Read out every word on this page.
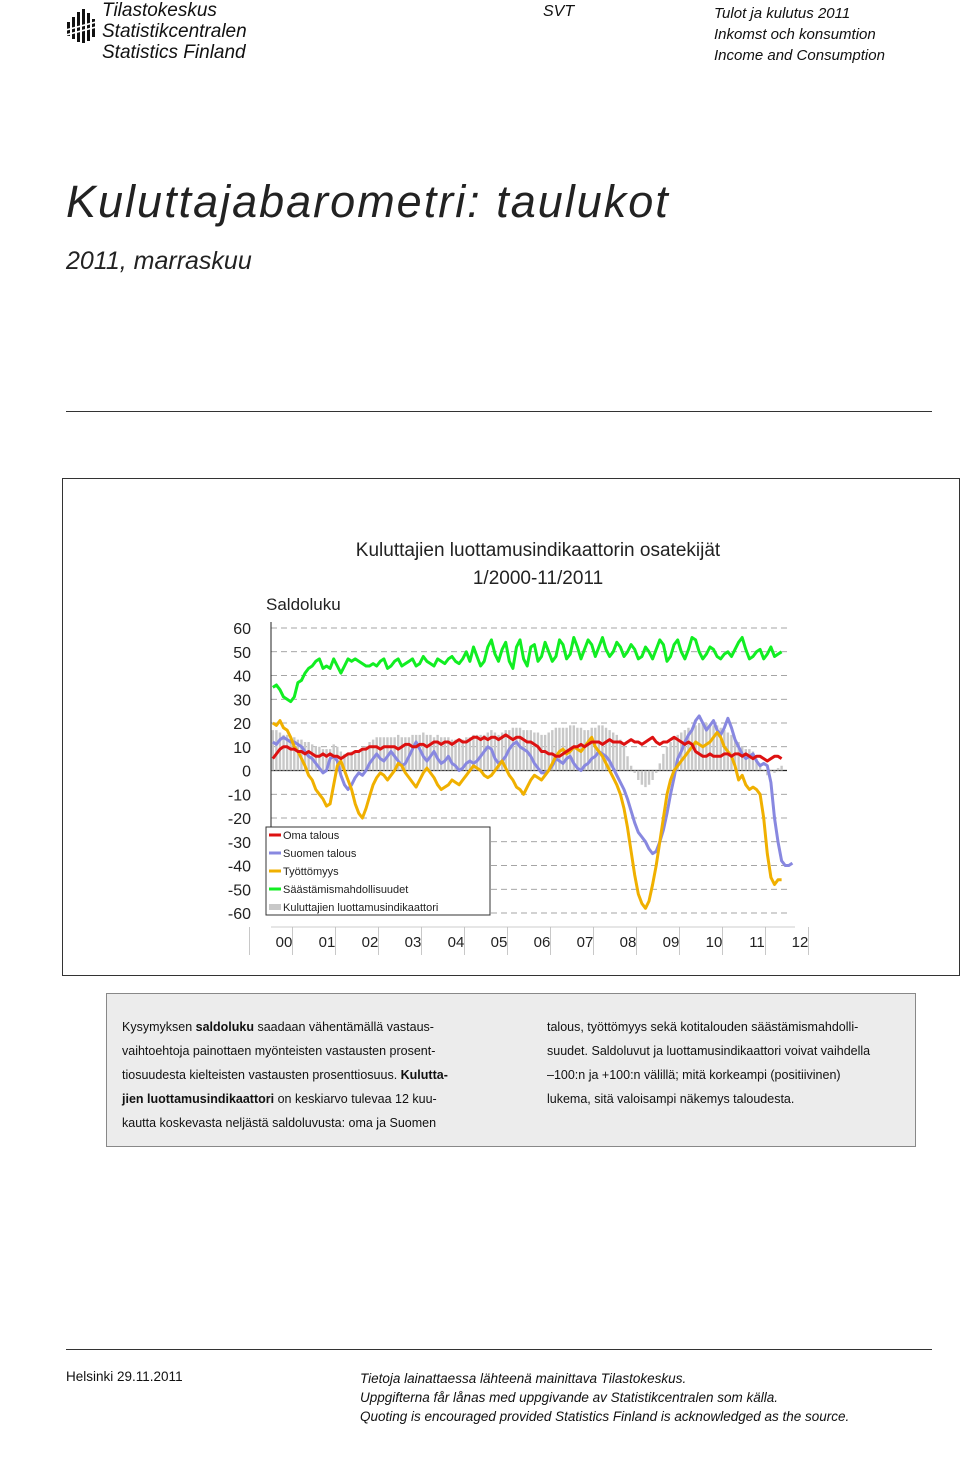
Tilastokeskus
Statistikcentralen
Statistics Finland
SVT	Tulot ja kulutus 2011
Inkomst och konsumtion
Income and Consumption
Kuluttajabarometri: taulukot
2011, marraskuu
Kuluttajien luottamusindikaattorin osatekijät
1/2000-11/2011
Saldoluku
60
50
40
30
20
10
0
-10
-20
-30
-40
-50
-60
00 01 02 03 04 05 06 07 08 09 10 11 12
Oma talous
Suomen talous
Työttömyys
Säästämismahdollisuudet
Kuluttajien luottamusindikaattori
Kysymyksen saldoluku saadaan vähentämällä vastaus-
vaihtoehtoja painottaen myönteisten vastausten prosent-
tiosuudesta kielteisten vastausten prosenttiosuus. Kulutta-
jien luottamusindikaattori on keskiarvo tulevaa 12 kuu-
kautta koskevasta neljästä saldoluvusta: oma ja Suomen
talous, työttömyys sekä kotitalouden säästämismahdolli-
suudet. Saldoluvut ja luottamusindikaattori voivat vaihdella
–100:n ja +100:n välillä; mitä korkeampi (positiivinen)
lukema, sitä valoisampi näkemys taloudesta.
Helsinki 29.11.2011	Tietoja lainattaessa lähteenä mainittava Tilastokeskus.
Uppgifterna får lånas med uppgivande av Statistikcentralen som källa.
Quoting is encouraged provided Statistics Finland is acknowledged as the source.
